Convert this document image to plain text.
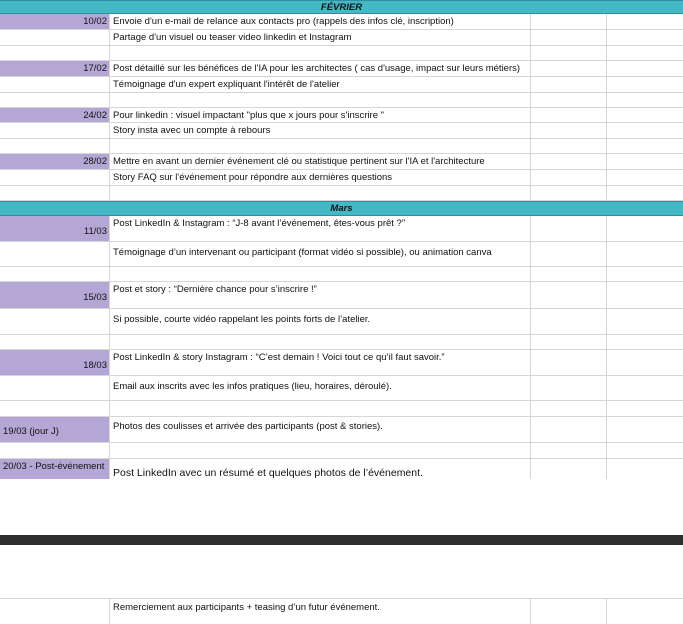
FÉVRIER
10/02 Envoie d'un e-mail de relance aux contacts pro (rappels des infos clé, inscription)
Partage d'un visuel ou teaser video linkedin et Instagram
17/02 Post détaillé sur les bénéfices de l'IA pour les architectes ( cas d'usage, impact sur leurs métiers)
Témoignage d'un expert expliquant l'intérêt de l'atelier
24/02 Pour linkedin : visuel impactant "plus que x jours pour s'inscrire "
Story insta avec un compte à rebours
28/02 Mettre en avant un dernier événement clé ou statistique pertinent sur l'IA et l'architecture
Story FAQ sur l'événement pour répondre aux dernières questions
Mars
11/03
Post LinkedIn & Instagram : “J-8 avant l’événement, êtes-vous prêt ?”
Témoignage d’un intervenant ou participant (format vidéo si possible), ou animation canva
15/03
Post et story : “Dernière chance pour s’inscrire !”
Si possible, courte vidéo rappelant les points forts de l’atelier.
18/03
Post LinkedIn & story Instagram : “C’est demain ! Voici tout ce qu’il faut savoir.”
Email aux inscrits avec les infos pratiques (lieu, horaires, déroulé).
19/03 (jour J)	Photos des coulisses et arrivée des participants (post & stories).
20/03 - Post-événement
Post LinkedIn avec un résumé et quelques photos de l’événement.
Remerciement aux participants + teasing d’un futur événement.
